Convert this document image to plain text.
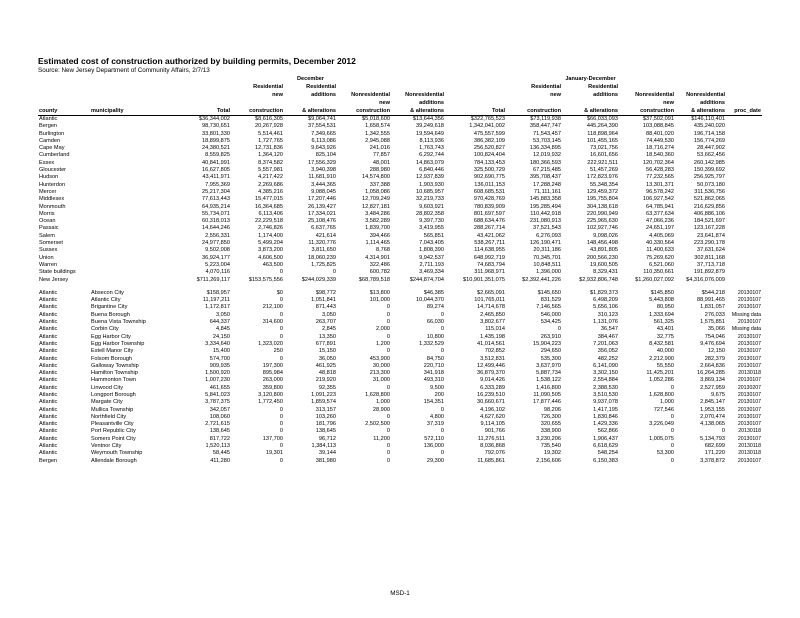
Estimated cost of construction authorized by building permits, December 2012
Source: New Jersey Department of Community Affairs, 2/7/13
				December					January-December			
			Residential	Residential				Residential	Residential			
			new	additions	Nonresidential	Nonresidential		new	additions	Nonresidential	Nonresidential	
					new	additions				new	additions	
county	municipality	Total	construction	& alterations	construction	& alterations	Total	construction	& alterations	construction	& alterations	proc_date
Atlantic		$36,344,002	$8,616,305	$9,064,741	$5,018,600	$13,644,356	$322,765,523	$73,119,938	$66,033,093	$37,502,091	$146,110,401	
Bergen		98,730,651	20,267,928	37,554,531	1,658,574	39,249,618	1,342,041,002	358,447,747	445,264,390	103,088,845	435,240,020	
Burlington		33,801,330	5,514,461	7,349,665	1,342,555	19,594,649	475,557,599	71,543,457	118,898,964	88,401,020	196,714,158	
Camden		18,899,875	1,727,765	6,113,086	2,945,088	8,113,936	386,382,109	53,703,145	101,455,165	74,449,530	156,774,269	
Cape May		24,380,521	12,731,836	9,643,926	241,016	1,763,743	256,520,827	136,334,895	73,021,756	18,716,274	28,447,902	
Cumberland		8,559,825	1,364,120	825,104	77,857	6,292,744	100,824,404	12,019,932	16,601,656	18,540,360	53,662,456	
Essex		40,841,991	8,374,582	17,556,329	48,001	14,863,079	784,133,453	180,366,593	222,921,511	120,702,364	260,142,985	
Gloucester		16,627,805	5,557,981	3,940,398	288,980	6,840,446	325,500,729	67,215,485	51,457,269	56,428,283	150,399,692	
Hudson		43,411,971	4,217,422	11,681,910	14,574,800	12,937,839	902,690,775	395,708,437	172,823,976	77,232,565	256,925,797	
Hunterdon		7,955,369	2,269,686	3,444,365	337,388	1,903,930	136,011,153	17,288,248	55,348,354	13,301,371	50,073,180	
Mercer		25,217,304	4,385,216	9,088,045	1,058,086	10,685,957	608,685,531	71,111,161	129,459,372	96,578,242	311,536,756	
Middlesex		77,613,443	15,477,015	17,207,446	12,709,249	32,219,733	970,428,769	145,883,358	195,755,804	106,927,542	521,862,065	
Monmouth		64,935,214	16,364,685	26,139,427	12,827,181	9,603,921	780,839,909	195,285,494	304,138,618	64,785,941	216,629,856	
Morris		55,734,071	6,113,406	17,334,021	3,484,286	28,802,358	801,697,597	110,442,918	220,990,949	63,377,634	406,886,106	
Ocean		60,318,013	22,229,518	25,108,476	3,582,289	9,397,730	688,634,476	231,080,913	225,965,630	47,066,236	184,521,697	
Passaic		14,644,246	2,746,826	6,637,765	1,839,700	3,419,955	288,267,714	37,521,543	102,927,746	24,651,197	123,167,228	
Salem		2,556,331	1,174,400	421,614	394,466	565,851	43,421,062	6,276,093	9,098,026	4,405,069	23,641,874	
Somerset		24,977,850	5,499,204	11,320,776	1,114,465	7,043,405	538,267,711	126,190,471	148,456,498	40,330,564	223,290,178	
Sussex		9,502,008	3,873,200	3,811,650	8,768	1,808,390	114,638,955	20,311,186	43,891,805	11,400,633	37,631,624	
Union		36,924,177	4,606,500	18,060,239	4,314,901	9,942,537	648,992,719	70,345,701	200,566,230	75,269,620	302,811,168	
Warren		5,223,004	463,500	1,725,825	322,486	2,711,193	74,683,794	10,848,511	19,600,505	6,521,060	37,713,718	
State buildings		4,070,116	0	0	600,782	3,469,334	311,968,971	1,396,000	8,329,431	110,350,661	191,892,879	
New Jersey		$711,269,117	$153,575,556	$244,029,339	$68,789,518	$244,874,704	$10,901,351,075	$2,392,441,226	$2,932,806,748	$1,260,027,092	$4,316,076,009	

Atlantic	Absecon City	$158,957	$0	$98,772	$13,800	$46,385	$2,665,091	$145,650	$1,829,373	$145,850	$544,218	20130107
Atlantic	Atlantic City	11,197,211	0	1,051,841	101,000	10,044,370	101,765,011	831,529	6,498,209	5,443,808	88,991,465	20130107
Atlantic	Brigantine City	1,172,817	212,100	871,443	0	89,274	14,714,678	7,146,565	5,656,106	80,950	1,831,057	20130107
Atlantic	Buena Borough	3,050	0	3,050	0	0	2,465,850	546,000	310,123	1,333,694	276,033	Missing data
Atlantic	Buena Vista Township	644,337	314,600	263,707	0	66,030	3,802,677	534,425	1,131,076	561,325	1,575,851	20130107
Atlantic	Corbin City	4,845	0	2,845	2,000	0	115,014	0	36,547	43,401	35,066	Missing data
Atlantic	Egg Harbor City	24,150	0	13,350	0	10,800	1,435,198	263,910	384,467	32,775	754,046	20130107
Atlantic	Egg Harbor Township	3,334,640	1,323,020	677,891	1,200	1,332,529	41,014,561	15,904,223	7,201,063	8,432,581	9,476,694	20130107
Atlantic	Estell Manor City	15,400	250	15,150	0	0	702,852	294,650	356,052	40,000	12,150	20130107
Atlantic	Folsom Borough	574,700	0	36,050	453,900	84,750	3,512,831	535,300	482,252	2,212,900	282,379	20130107
Atlantic	Galloway Township	909,935	197,300	461,925	30,000	220,710	12,499,446	3,637,970	6,141,090	55,550	2,664,836	20130107
Atlantic	Hamilton Township	1,500,920	895,984	48,818	213,300	341,918	36,879,370	5,887,734	3,302,150	11,425,201	16,264,285	20130118
Atlantic	Hammonton Town	1,007,230	263,000	219,920	31,000	493,310	9,014,426	1,538,122	2,554,884	1,052,286	3,869,134	20130107
Atlantic	Linwood City	461,655	359,800	92,355	0	9,500	6,333,289	1,416,800	2,388,530	0	2,527,959	20130207
Atlantic	Longport Borough	5,841,023	3,120,800	1,091,223	1,628,800	200	16,239,510	11,090,505	3,510,530	1,628,800	9,675	20130107
Atlantic	Margate City	3,787,375	1,772,450	1,859,574	1,000	154,351	30,660,671	17,877,446	9,937,078	1,000	2,845,147	20130107
Atlantic	Mullica Township	342,057	0	313,157	28,900	0	4,196,102	98,206	1,417,195	727,546	1,953,155	20130107
Atlantic	Northfield City	108,060	0	103,260	0	4,800	4,627,620	726,300	1,830,846	0	2,070,474	20130107
Atlantic	Pleasantville City	2,721,615	0	181,796	2,502,500	37,319	9,114,105	320,655	1,429,336	3,226,049	4,138,065	20130107
Atlantic	Port Republic City	138,645	0	138,645	0	0	901,766	338,900	562,866	0	0	20130118
Atlantic	Somers Point City	817,722	137,700	96,712	11,200	572,110	11,276,511	3,230,206	1,906,437	1,005,075	5,134,793	20130107
Atlantic	Ventnor City	1,520,113	0	1,384,113	0	136,000	8,036,868	735,540	6,618,629	0	682,699	20130118
Atlantic	Weymouth Township	58,445	19,301	39,144	0	0	792,076	19,302	548,254	53,300	171,220	20130118
Bergen	Allendale Borough	411,280	0	381,980	0	29,300	11,685,861	2,156,606	6,150,383	0	3,378,872	20130107
MSD-1
